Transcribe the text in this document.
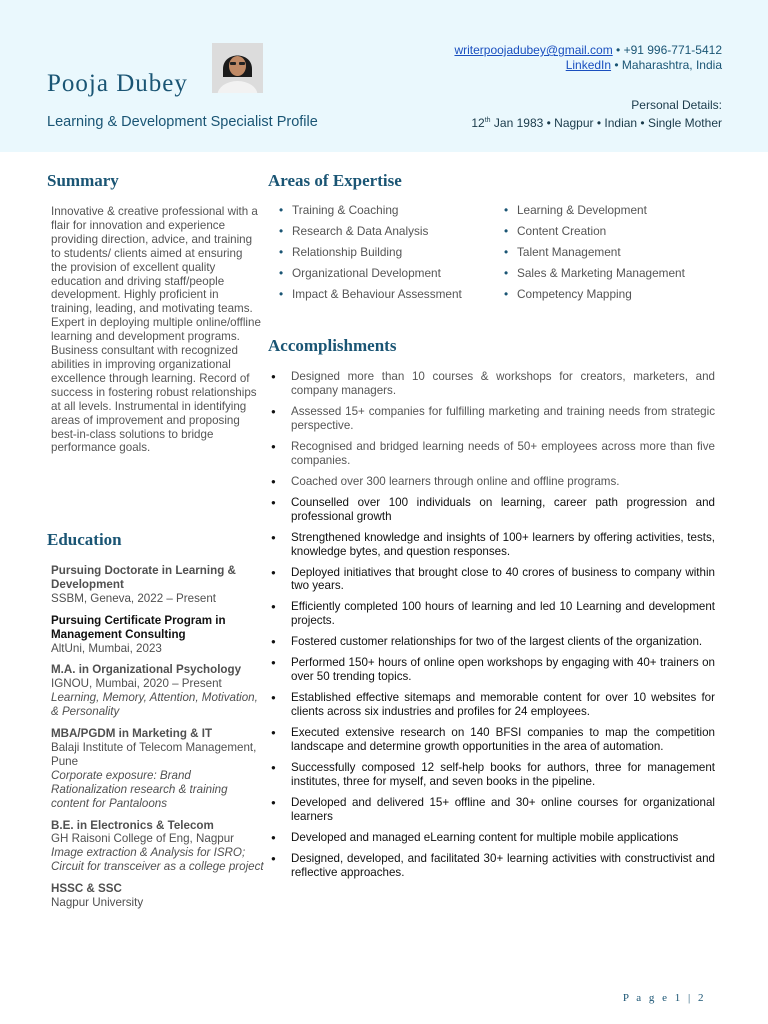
Pooja Dubey
Learning & Development Specialist Profile
writerpoojadubey@gmail.com • +91 996-771-5412
LinkedIn • Maharashtra, India
Personal Details:
12th Jan 1983 • Nagpur • Indian • Single Mother
Summary
Innovative & creative professional with a flair for innovation and experience providing direction, advice, and training to students/ clients aimed at ensuring the provision of excellent quality education and driving staff/people development. Highly proficient in training, leading, and motivating teams. Expert in deploying multiple online/offline learning and development programs. Business consultant with recognized abilities in improving organizational excellence through learning. Record of success in fostering robust relationships at all levels. Instrumental in identifying areas of improvement and proposing best-in-class solutions to bridge performance goals.
Education
Pursuing Doctorate in Learning & Development
SSBM, Geneva, 2022 – Present
Pursuing Certificate Program in Management Consulting
AltUni, Mumbai, 2023
M.A. in Organizational Psychology
IGNOU, Mumbai, 2020 – Present
Learning, Memory, Attention, Motivation, & Personality
MBA/PGDM in Marketing & IT
Balaji Institute of Telecom Management, Pune
Corporate exposure: Brand Rationalization research & training content for Pantaloons
B.E. in Electronics & Telecom
GH Raisoni College of Eng, Nagpur
Image extraction & Analysis for ISRO; Circuit for transceiver as a college project
HSSC & SSC
Nagpur University
Areas of Expertise
• Training & Coaching	• Learning & Development
• Research & Data Analysis	• Content Creation
• Relationship Building	• Talent Management
• Organizational Development	• Sales & Marketing Management
• Impact & Behaviour Assessment	• Competency Mapping
Accomplishments
● Designed more than 10 courses & workshops for creators, marketers, and company managers.
● Assessed 15+ companies for fulfilling marketing and training needs from strategic perspective.
● Recognised and bridged learning needs of 50+ employees across more than five companies.
● Coached over 300 learners through online and offline programs.
● Counselled over 100 individuals on learning, career path progression and professional growth
● Strengthened knowledge and insights of 100+ learners by offering activities, tests, knowledge bytes, and question responses.
● Deployed initiatives that brought close to 40 crores of business to company within two years.
● Efficiently completed 100 hours of learning and led 10 Learning and development projects.
● Fostered customer relationships for two of the largest clients of the organization.
● Performed 150+ hours of online open workshops by engaging with 40+ trainers on over 50 trending topics.
● Established effective sitemaps and memorable content for over 10 websites for clients across six industries and profiles for 24 employees.
● Executed extensive research on 140 BFSI companies to map the competition landscape and determine growth opportunities in the area of automation.
● Successfully composed 12 self-help books for authors, three for management institutes, three for myself, and seven books in the pipeline.
● Developed and delivered 15+ offline and 30+ online courses for organizational learners
● Developed and managed eLearning content for multiple mobile applications
● Designed, developed, and facilitated 30+ learning activities with constructivist and reflective approaches.
P a g e 1 | 2
